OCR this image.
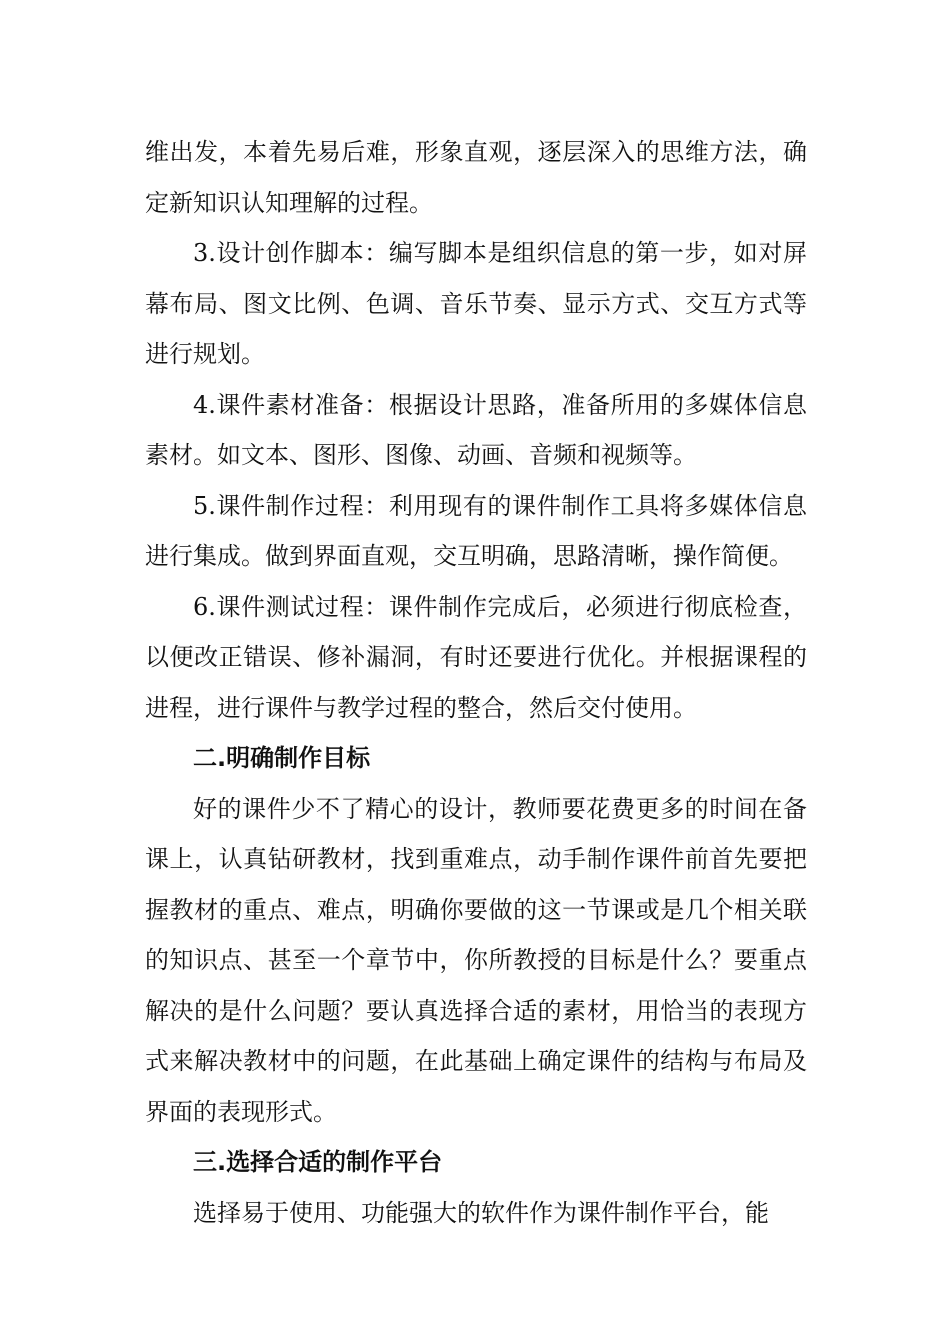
维出发，本着先易后难，形象直观，逐层深入的思维方法，确定新知识认知理解的过程。

3.设计创作脚本：编写脚本是组织信息的第一步，如对屏幕布局、图文比例、色调、音乐节奏、显示方式、交互方式等进行规划。

4.课件素材准备：根据设计思路，准备所用的多媒体信息素材。如文本、图形、图像、动画、音频和视频等。

5.课件制作过程：利用现有的课件制作工具将多媒体信息进行集成。做到界面直观，交互明确，思路清晰，操作简便。

6.课件测试过程：课件制作完成后，必须进行彻底检查，以便改正错误、修补漏洞，有时还要进行优化。并根据课程的进程，进行课件与教学过程的整合，然后交付使用。

二.明确制作目标

好的课件少不了精心的设计，教师要花费更多的时间在备课上，认真钻研教材，找到重难点，动手制作课件前首先要把握教材的重点、难点，明确你要做的这一节课或是几个相关联的知识点、甚至一个章节中，你所教授的目标是什么？要重点解决的是什么问题？要认真选择合适的素材，用恰当的表现方式来解决教材中的问题，在此基础上确定课件的结构与布局及界面的表现形式。

三.选择合适的制作平台

选择易于使用、功能强大的软件作为课件制作平台，能
